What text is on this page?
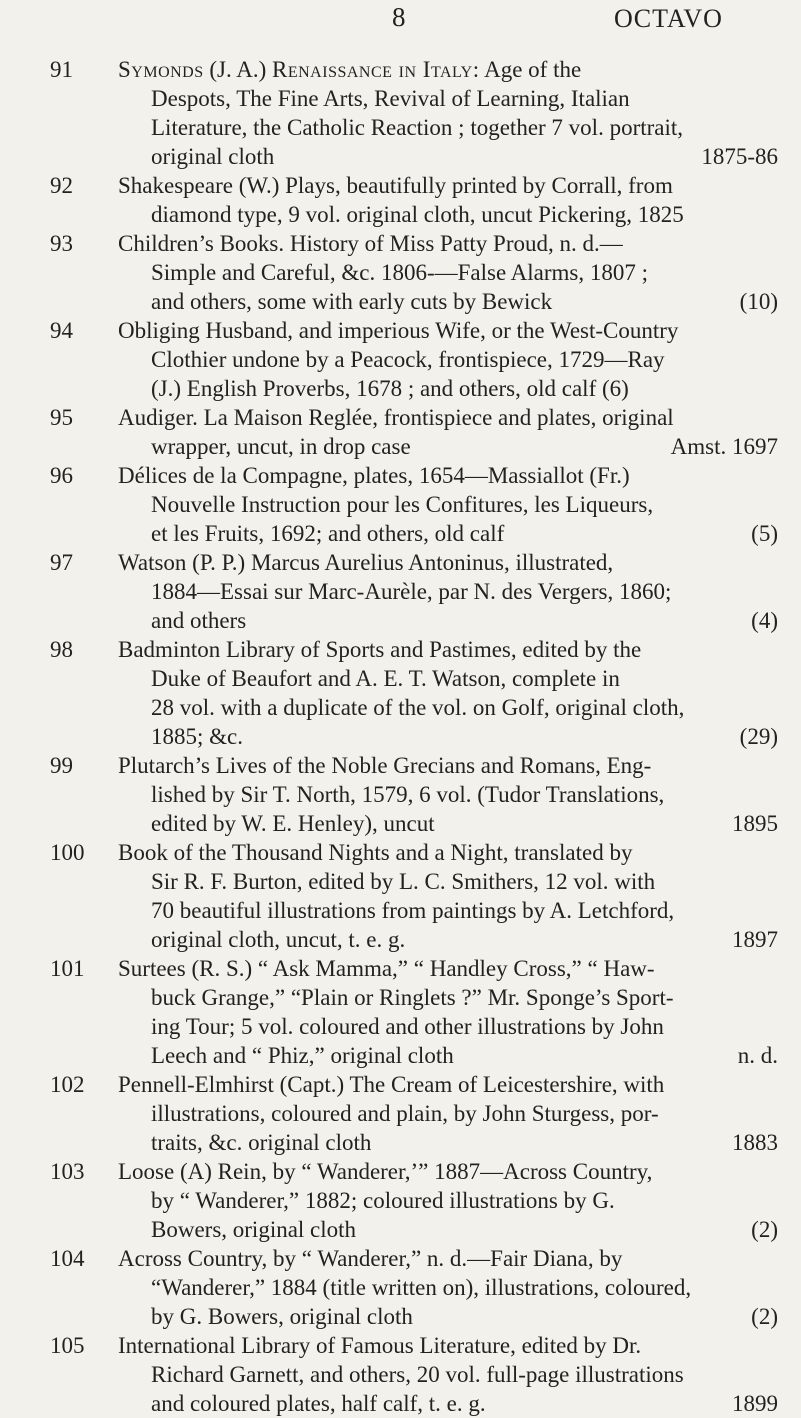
8	OCTAVO
91	Symonds (J. A.) Renaissance in Italy: Age of the
Despots, The Fine Arts, Revival of Learning, Italian
Literature, the Catholic Reaction ; together 7 vol. portrait,
original cloth	1875-86
92	Shakespeare (W.) Plays, beautifully printed by Corrall, from
diamond type, 9 vol. original cloth, uncut Pickering, 1825
93	Children’s Books. History of Miss Patty Proud, n. d.—
Simple and Careful, &c. 1806-—False Alarms, 1807 ;
and others, some with early cuts by Bewick	(10)
94	Obliging Husband, and imperious Wife, or the West-Country
Clothier undone by a Peacock, frontispiece, 1729—Ray
(J.) English Proverbs, 1678 ; and others, old calf (6)
95	Audiger. La Maison Reglée, frontispiece and plates, original
wrapper, uncut, in drop case	Amst. 1697
96	Délices de la Compagne, plates, 1654—Massiallot (Fr.)
Nouvelle Instruction pour les Confitures, les Liqueurs,
et les Fruits, 1692; and others, old calf	(5)
97	Watson (P. P.) Marcus Aurelius Antoninus, illustrated,
1884—Essai sur Marc-Aurèle, par N. des Vergers, 1860;
and others	(4)
98	Badminton Library of Sports and Pastimes, edited by the
Duke of Beaufort and A. E. T. Watson, complete in
28 vol. with a duplicate of the vol. on Golf, original cloth,
1885; &c.	(29)
99	Plutarch’s Lives of the Noble Grecians and Romans, Eng-
lished by Sir T. North, 1579, 6 vol. (Tudor Translations,
edited by W. E. Henley), uncut	1895
100	Book of the Thousand Nights and a Night, translated by
Sir R. F. Burton, edited by L. C. Smithers, 12 vol. with
70 beautiful illustrations from paintings by A. Letchford,
original cloth, uncut, t. e. g.	1897
101	Surtees (R. S.) “ Ask Mamma,” “ Handley Cross,” “ Haw-
buck Grange,” “Plain or Ringlets ?” Mr. Sponge’s Sport-
ing Tour; 5 vol. coloured and other illustrations by John
Leech and “ Phiz,” original cloth	n. d.
102	Pennell-Elmhirst (Capt.) The Cream of Leicestershire, with
illustrations, coloured and plain, by John Sturgess, por-
traits, &c. original cloth	1883
103	Loose (A) Rein, by “ Wanderer,’” 1887—Across Country,
by “ Wanderer,” 1882; coloured illustrations by G.
Bowers, original cloth	(2)
104	Across Country, by “ Wanderer,” n. d.—Fair Diana, by
“Wanderer,” 1884 (title written on), illustrations, coloured,
by G. Bowers, original cloth	(2)
105	International Library of Famous Literature, edited by Dr.
Richard Garnett, and others, 20 vol. full-page illustrations
and coloured plates, half calf, t. e. g.	1899
